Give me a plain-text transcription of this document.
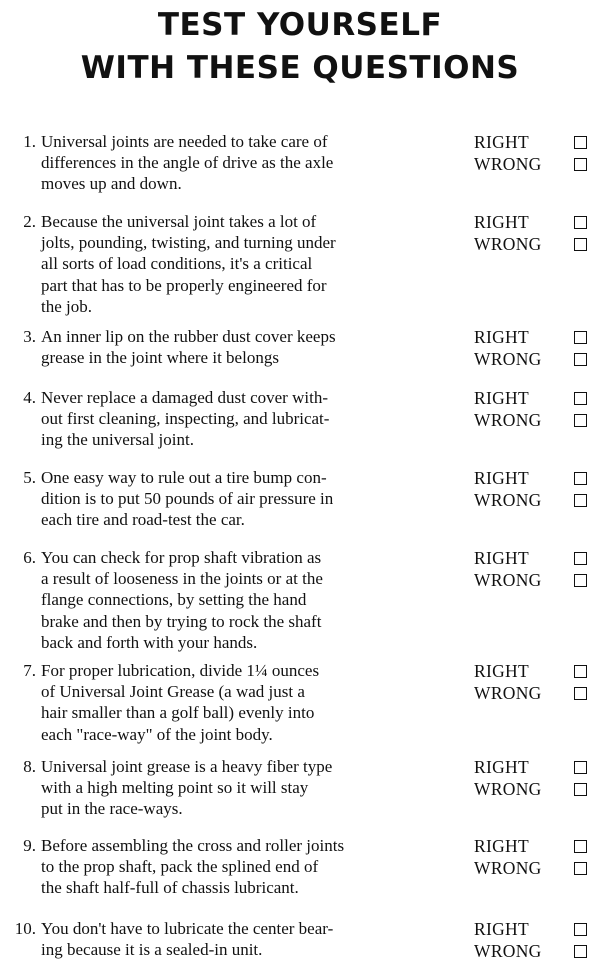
TEST YOURSELF
WITH THESE QUESTIONS
1. Universal joints are needed to take care of
differences in the angle of drive as the axle
moves up and down.
RIGHT
WRONG
2. Because the universal joint takes a lot of
jolts, pounding, twisting, and turning under
all sorts of load conditions, it's a critical
part that has to be properly engineered for
the job.
RIGHT
WRONG
3. An inner lip on the rubber dust cover keeps
grease in the joint where it belongs
RIGHT
WRONG
4. Never replace a damaged dust cover with-
out first cleaning, inspecting, and lubricat-
ing the universal joint.
RIGHT
WRONG
5. One easy way to rule out a tire bump con-
dition is to put 50 pounds of air pressure in
each tire and road-test the car.
RIGHT
WRONG
6. You can check for prop shaft vibration as
a result of looseness in the joints or at the
flange connections, by setting the hand
brake and then by trying to rock the shaft
back and forth with your hands.
RIGHT
WRONG
7. For proper lubrication, divide 1¼ ounces
of Universal Joint Grease (a wad just a
hair smaller than a golf ball) evenly into
each "race-way" of the joint body.
RIGHT
WRONG
8. Universal joint grease is a heavy fiber type
with a high melting point so it will stay
put in the race-ways.
RIGHT
WRONG
9. Before assembling the cross and roller joints
to the prop shaft, pack the splined end of
the shaft half-full of chassis lubricant.
RIGHT
WRONG
10. You don't have to lubricate the center bear-
ing because it is a sealed-in unit.
RIGHT
WRONG
